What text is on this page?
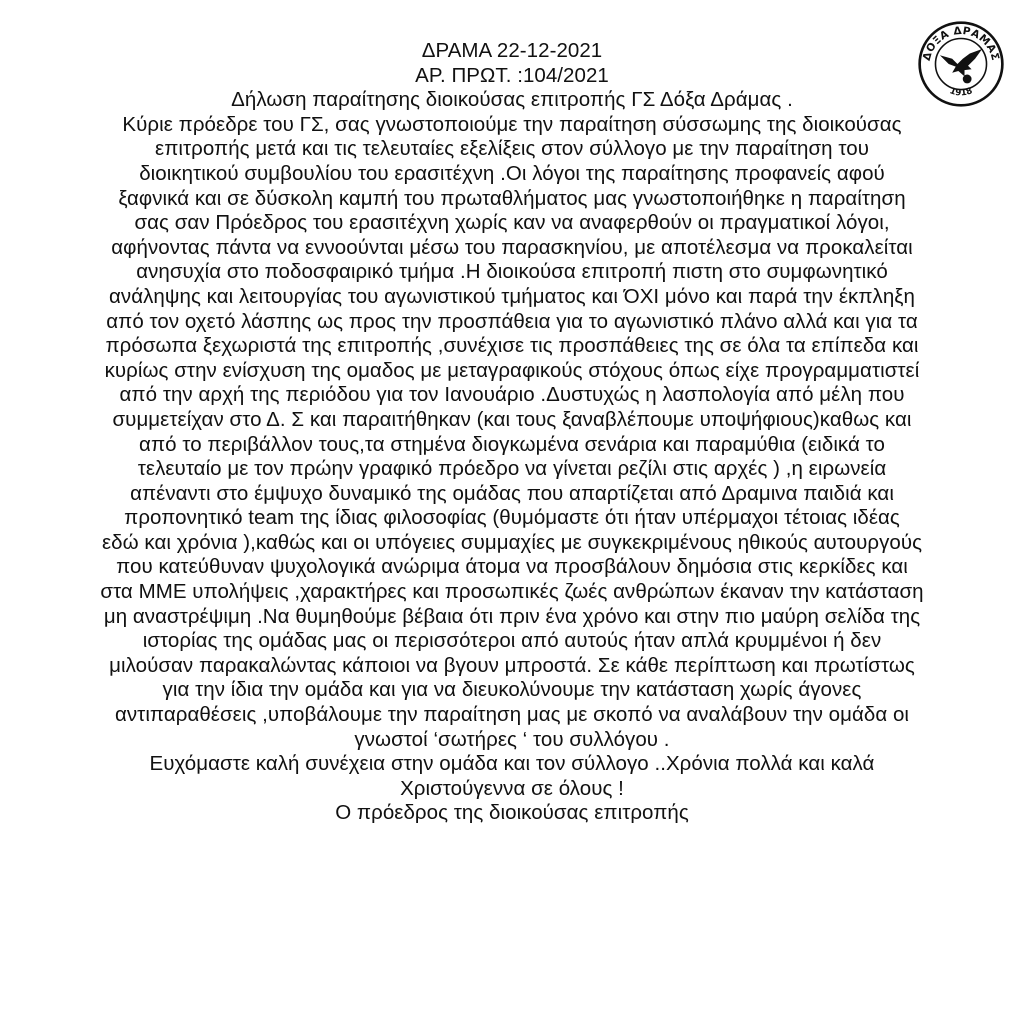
ΔΟΞΑ ΔΡΑΜΑΣ
1918
ΔΡΑΜΑ 22-12-2021
ΑΡ. ΠΡΩΤ. :104/2021
Δήλωση παραίτησης διοικούσας επιτροπής ΓΣ Δόξα Δράμας .
Κύριε πρόεδρε του ΓΣ, σας γνωστοποιούμε την παραίτηση σύσσωμης της διοικούσας
επιτροπής μετά και τις τελευταίες εξελίξεις στον σύλλογο με την παραίτηση του
διοικητικού συμβουλίου του ερασιτέχνη .Οι λόγοι της παραίτησης προφανείς αφού
ξαφνικά και σε δύσκολη καμπή του πρωταθλήματος μας γνωστοποιήθηκε η παραίτηση
σας σαν Πρόεδρος του ερασιτέχνη χωρίς καν να αναφερθούν οι πραγματικοί λόγοι,
αφήνοντας πάντα να εννοούνται μέσω του παρασκηνίου, με αποτέλεσμα να προκαλείται
ανησυχία στο ποδοσφαιρικό τμήμα .Η διοικούσα επιτροπή πιστη στο συμφωνητικό
ανάληψης και λειτουργίας του αγωνιστικού τμήματος και ΌΧΙ μόνο και παρά την έκπληξη
από τον οχετό λάσπης ως προς την προσπάθεια για το αγωνιστικό πλάνο αλλά και για τα
πρόσωπα ξεχωριστά της επιτροπής ,συνέχισε τις προσπάθειες της σε όλα τα επίπεδα και
κυρίως στην ενίσχυση της ομαδος με μεταγραφικούς στόχους όπως είχε προγραμματιστεί
από την αρχή της περιόδου για τον Ιανουάριο .Δυστυχώς η λασπολογία από μέλη που
συμμετείχαν στο Δ. Σ και παραιτήθηκαν (και τους ξαναβλέπουμε υποψήφιους)καθως και
από το περιβάλλον τους,τα στημένα διογκωμένα σενάρια και παραμύθια (ειδικά το
τελευταίο με τον πρώην γραφικό πρόεδρο να γίνεται ρεζίλι στις αρχές ) ,η ειρωνεία
απέναντι στο έμψυχο δυναμικό της ομάδας που απαρτίζεται από Δραμινα παιδιά και
προπονητικό team της ίδιας φιλοσοφίας (θυμόμαστε ότι ήταν υπέρμαχοι τέτοιας ιδέας
εδώ και χρόνια ),καθώς και οι υπόγειες συμμαχίες με συγκεκριμένους ηθικούς αυτουργούς
που κατεύθυναν ψυχολογικά ανώριμα άτομα να προσβάλουν δημόσια στις κερκίδες και
στα ΜΜΕ υπολήψεις ,χαρακτήρες και προσωπικές ζωές ανθρώπων έκαναν την κατάσταση
μη αναστρέψιμη .Να θυμηθούμε βέβαια ότι πριν ένα χρόνο και στην πιο μαύρη σελίδα της
ιστορίας της ομάδας μας οι περισσότεροι από αυτούς ήταν απλά κρυμμένοι ή δεν
μιλούσαν παρακαλώντας κάποιοι να βγουν μπροστά. Σε κάθε περίπτωση και πρωτίστως
για την ίδια την ομάδα και για να διευκολύνουμε την κατάσταση χωρίς άγονες
αντιπαραθέσεις ,υποβάλουμε την παραίτηση μας με σκοπό να αναλάβουν την ομάδα οι
γνωστοί ‘σωτήρες ‘ του συλλόγου .
Ευχόμαστε καλή συνέχεια στην ομάδα και τον σύλλογο ..Χρόνια πολλά και καλά
Χριστούγεννα σε όλους !
Ο πρόεδρος της διοικούσας επιτροπής
